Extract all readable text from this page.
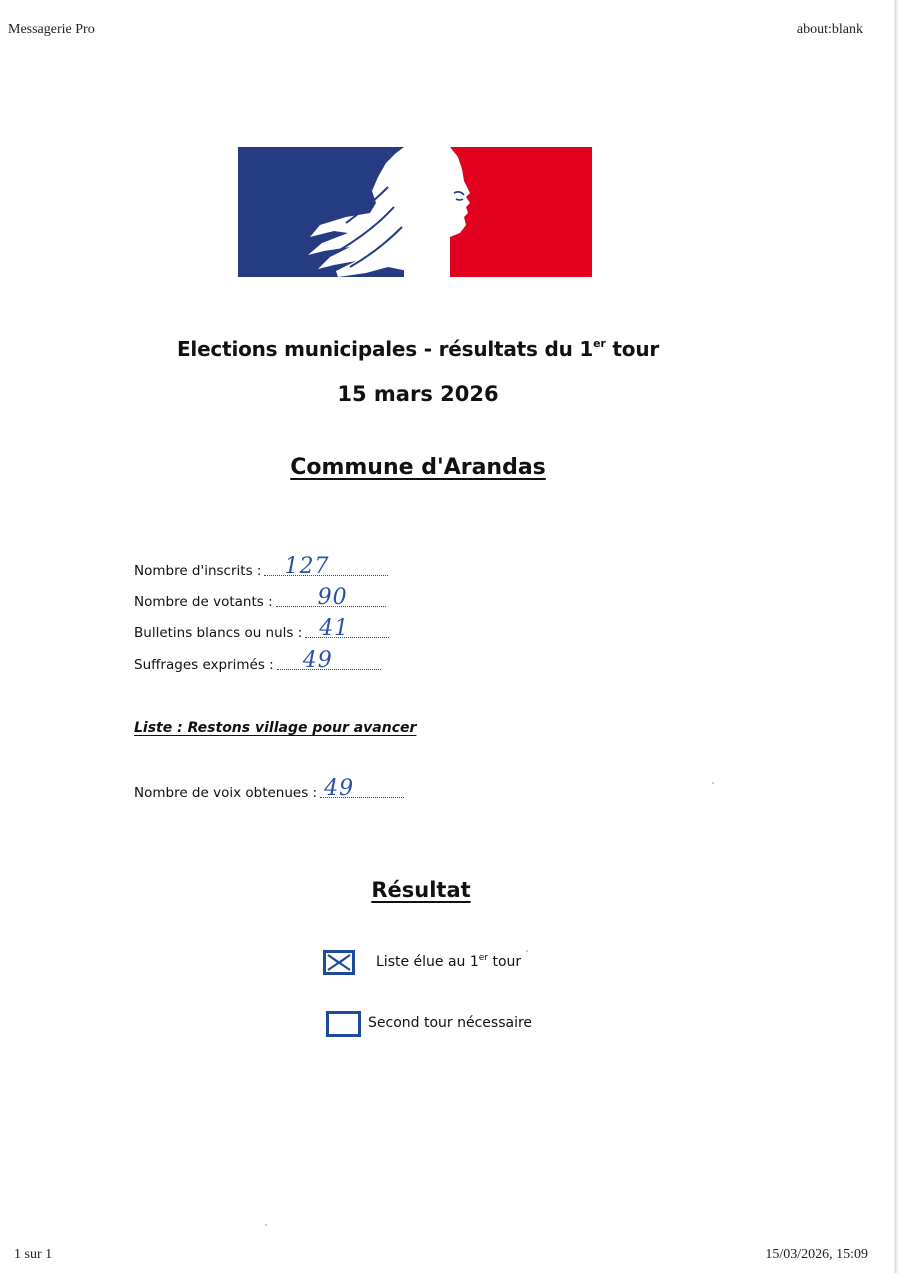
Messagerie Pro	about:blank
Elections municipales - résultats du 1er tour
15 mars 2026
Commune d'Arandas
Nombre d'inscrits : 127
Nombre de votants : 90
Bulletins blancs ou nuls : 41
Suffrages exprimés : 49
Liste : Restons village pour avancer
Nombre de voix obtenues : 49
Résultat
Liste élue au 1er tour
Second tour nécessaire
1 sur 1	15/03/2026, 15:09
